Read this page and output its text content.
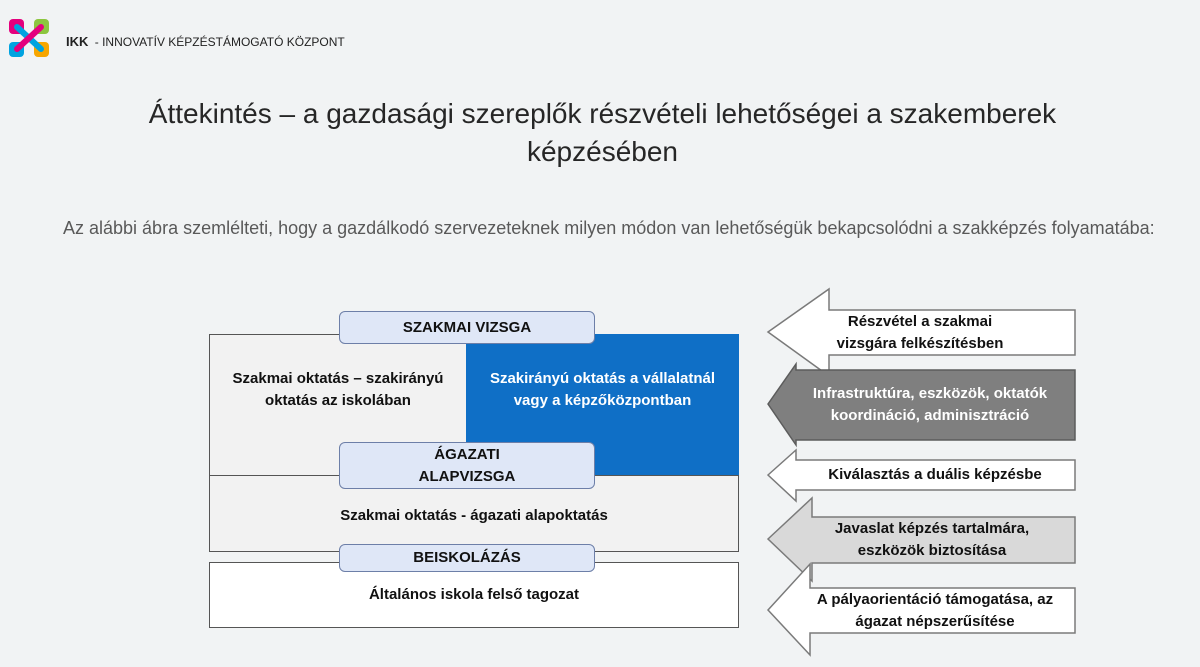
IKK - INNOVATÍV KÉPZÉSTÁMOGATÓ KÖZPONT
Áttekintés – a gazdasági szereplők részvételi lehetőségei a szakemberek
képzésében
Az alábbi ábra szemlélteti, hogy a gazdálkodó szervezeteknek milyen módon van lehetőségük bekapcsolódni a szakképzés folyamatába:
Szakmai oktatás – szakirányú oktatás az iskolában
Szakirányú oktatás a vállalatnál vagy a képzőközpontban
Szakmai oktatás - ágazati alapoktatás
Általános iskola felső tagozat
SZAKMAI VIZSGA
ÁGAZATI ALAPVIZSGA
BEISKOLÁZÁS
Részvétel a szakmai vizsgára felkészítésben
Infrastruktúra, eszközök, oktatók koordináció, adminisztráció
Kiválasztás a duális képzésbe
Javaslat képzés tartalmára, eszközök biztosítása
A pályaorientáció támogatása, az ágazat népszerűsítése
